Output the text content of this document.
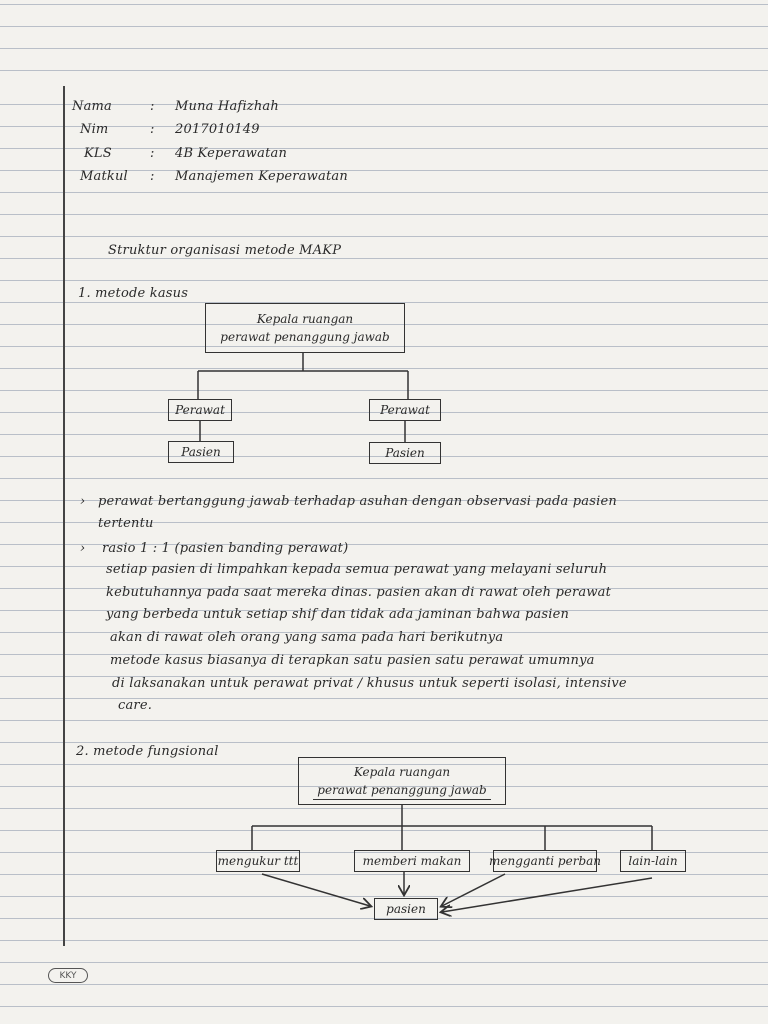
Nama	: Muna Hafizhah
Nim	: 2017010149
KLS	: 4B Keperawatan
Matkul : Manajemen Keperawatan
Struktur organisasi metode MAKP
1. metode kasus
Kepala ruangan
perawat penanggung jawab
Perawat	Perawat
Pasien	Pasien
› perawat bertanggung jawab terhadap asuhan dengan observasi pada pasien
tertentu
› rasio 1 : 1 (pasien banding perawat)
setiap pasien di limpahkan kepada semua perawat yang melayani seluruh
kebutuhannya pada saat mereka dinas. pasien akan di rawat oleh perawat
yang berbeda untuk setiap shif dan tidak ada jaminan bahwa pasien
akan di rawat oleh orang yang sama pada hari berikutnya
metode kasus biasanya di terapkan satu pasien satu perawat umumnya
di laksanakan untuk perawat privat / khusus untuk seperti isolasi, intensive
care.
2. metode fungsional
Kepala ruangan
perawat penanggung jawab
mengukur ttt	memberi makan mengganti perban lain-lain
pasien
KKY
